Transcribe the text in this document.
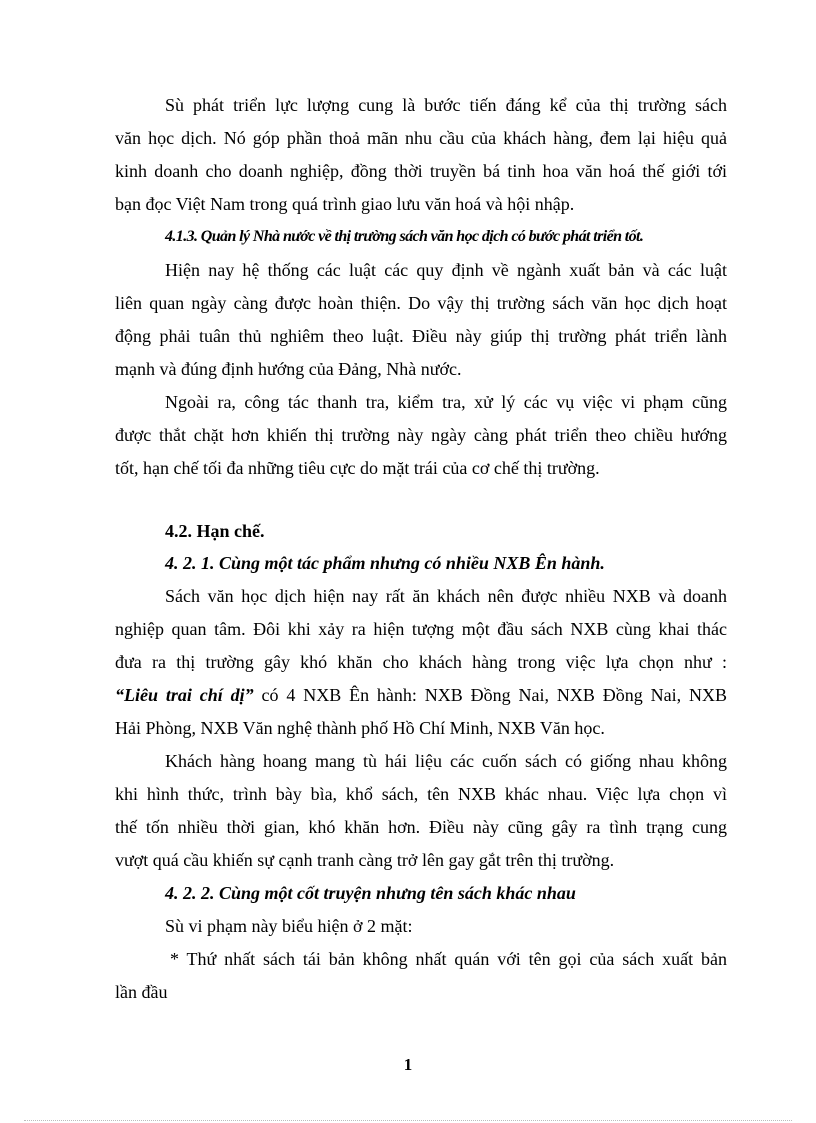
Sù phát triển lực lượng cung là bước tiến đáng kể của thị trường sách
văn học dịch. Nó góp phần thoả mãn nhu cầu của khách hàng, đem lại hiệu quả
kinh doanh cho doanh nghiệp, đồng thời truyền bá tinh hoa văn hoá thế giới tới
bạn đọc Việt Nam trong quá trình giao lưu văn hoá và hội nhập.
4.1.3. Quản lý Nhà nước về thị trường sách văn học dịch có bước phát triển tốt.
Hiện nay hệ thống các luật các quy định về ngành xuất bản và các luật
liên quan ngày càng được hoàn thiện. Do vậy thị trường sách văn học dịch hoạt
động phải tuân thủ nghiêm theo luật. Điều này giúp thị trường phát triển lành
mạnh và đúng định hướng của Đảng, Nhà nước.
Ngoài ra, công tác thanh tra, kiểm tra, xử lý các vụ việc vi phạm cũng
được thắt chặt hơn khiến thị trường này ngày càng phát triển theo chiều hướng
tốt, hạn chế tối đa những tiêu cực do mặt trái của cơ chế thị trường.
4.2. Hạn chế.
4. 2. 1. Cùng một tác phẩm nhưng có nhiều NXB Ên hành.
Sách văn học dịch hiện nay rất ăn khách nên được nhiều NXB và doanh
nghiệp quan tâm. Đôi khi xảy ra hiện tượng một đầu sách NXB cùng khai thác
đưa ra thị trường gây khó khăn cho khách hàng trong việc lựa chọn như :
“Liêu trai chí dị” có 4 NXB Ên hành: NXB Đồng Nai, NXB Đồng Nai, NXB
Hải Phòng, NXB Văn nghệ thành phố Hồ Chí Minh, NXB Văn học.
Khách hàng hoang mang tù hái liệu các cuốn sách có giống nhau không
khi hình thức, trình bày bìa, khổ sách, tên NXB khác nhau. Việc lựa chọn vì
thế tốn nhiều thời gian, khó khăn hơn. Điều này cũng gây ra tình trạng cung
vượt quá cầu khiến sự cạnh tranh càng trở lên gay gắt trên thị trường.
4. 2. 2. Cùng một cốt truyện nhưng tên sách khác nhau
Sù vi phạm này biểu hiện ở 2 mặt:
* Thứ nhất sách tái bản không nhất quán với tên gọi của sách xuất bản
lần đầu
1
